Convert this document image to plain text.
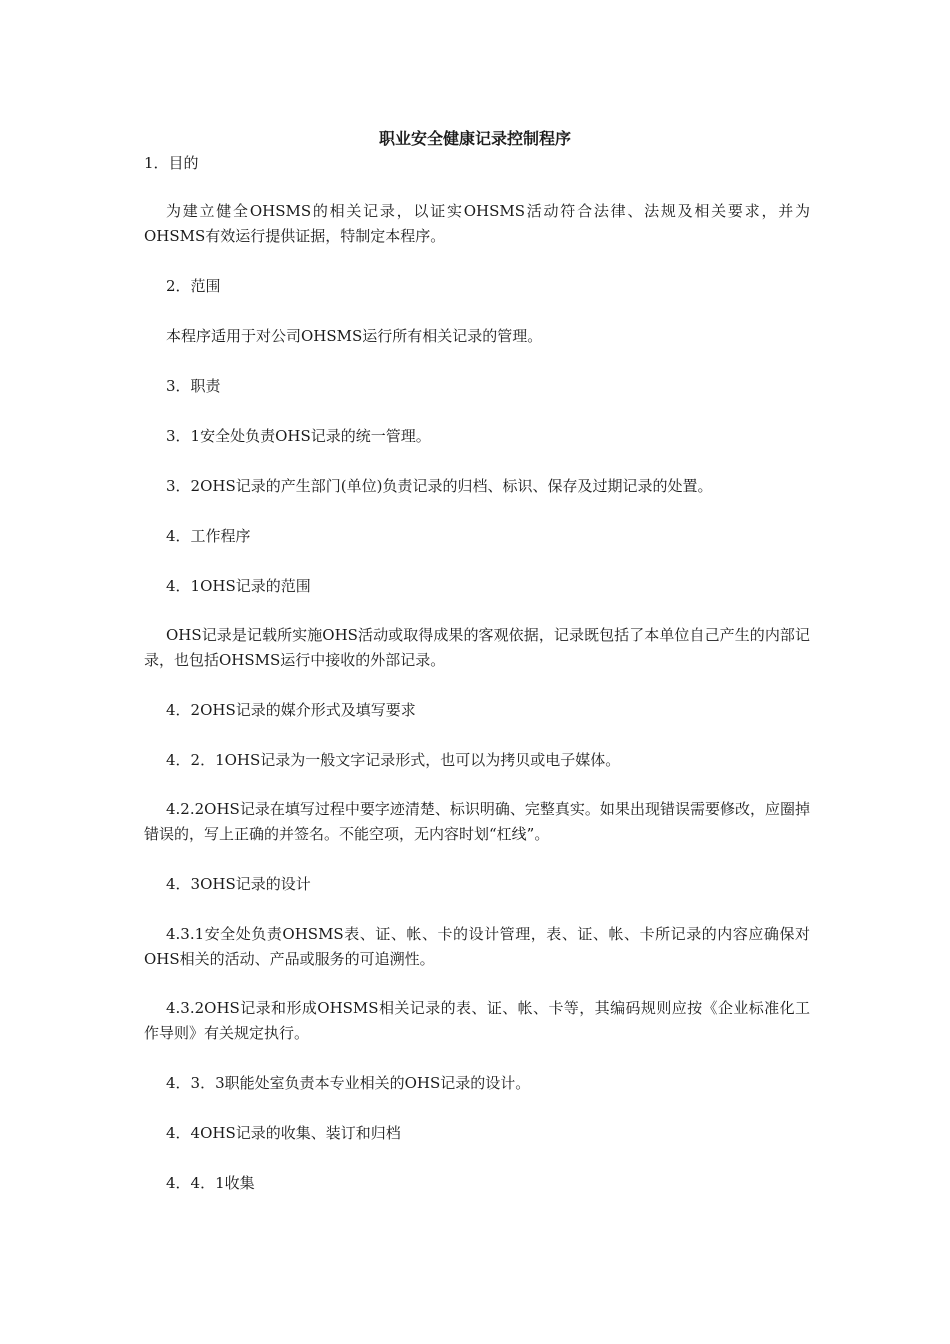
职业安全健康记录控制程序

1．目的

为建立健全OHSMS的相关记录，以证实OHSMS活动符合法律、法规及相关要求，并为OHSMS有效运行提供证据，特制定本程序。

2．范围

本程序适用于对公司OHSMS运行所有相关记录的管理。

3．职责

3．1安全处负责OHS记录的统一管理。

3．2OHS记录的产生部门(单位)负责记录的归档、标识、保存及过期记录的处置。

4．工作程序

4．1OHS记录的范围

OHS记录是记载所实施OHS活动或取得成果的客观依据，记录既包括了本单位自己产生的内部记录，也包括OHSMS运行中接收的外部记录。

4．2OHS记录的媒介形式及填写要求

4．2．1OHS记录为一般文字记录形式，也可以为拷贝或电子媒体。

4.2.2OHS记录在填写过程中要字迹清楚、标识明确、完整真实。如果出现错误需要修改，应圈掉错误的，写上正确的并签名。不能空项，无内容时划“杠线”。

4．3OHS记录的设计

4.3.1安全处负责OHSMS表、证、帐、卡的设计管理，表、证、帐、卡所记录的内容应确保对OHS相关的活动、产品或服务的可追溯性。

4.3.2OHS记录和形成OHSMS相关记录的表、证、帐、卡等，其编码规则应按《企业标准化工作导则》有关规定执行。

4．3．3职能处室负责本专业相关的OHS记录的设计。

4．4OHS记录的收集、装订和归档

4．4．1收集
